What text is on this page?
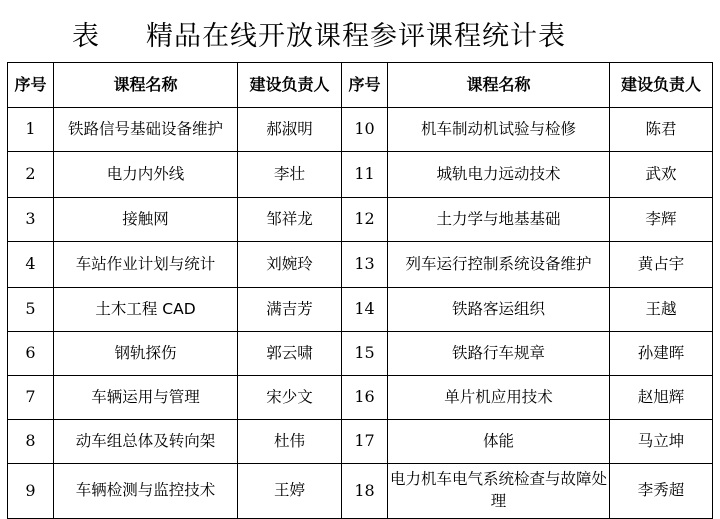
表 精品在线开放课程参评课程统计表
序号	课程名称	建设负责人	序号	课程名称	建设负责人
1	铁路信号基础设备维护	郝淑明	10	机车制动机试验与检修	陈君
2	电力内外线	李壮	11	城轨电力远动技术	武欢
3	接触网	邹祥龙	12	土力学与地基基础	李辉
4	车站作业计划与统计	刘婉玲	13	列车运行控制系统设备维护	黄占宇
5	土木工程 CAD	满吉芳	14	铁路客运组织	王越
6	钢轨探伤	郭云啸	15	铁路行车规章	孙建晖
7	车辆运用与管理	宋少文	16	单片机应用技术	赵旭辉
8	动车组总体及转向架	杜伟	17	体能	马立坤
9	车辆检测与监控技术	王婷	18	电力机车电气系统检查与故障处理	李秀超
